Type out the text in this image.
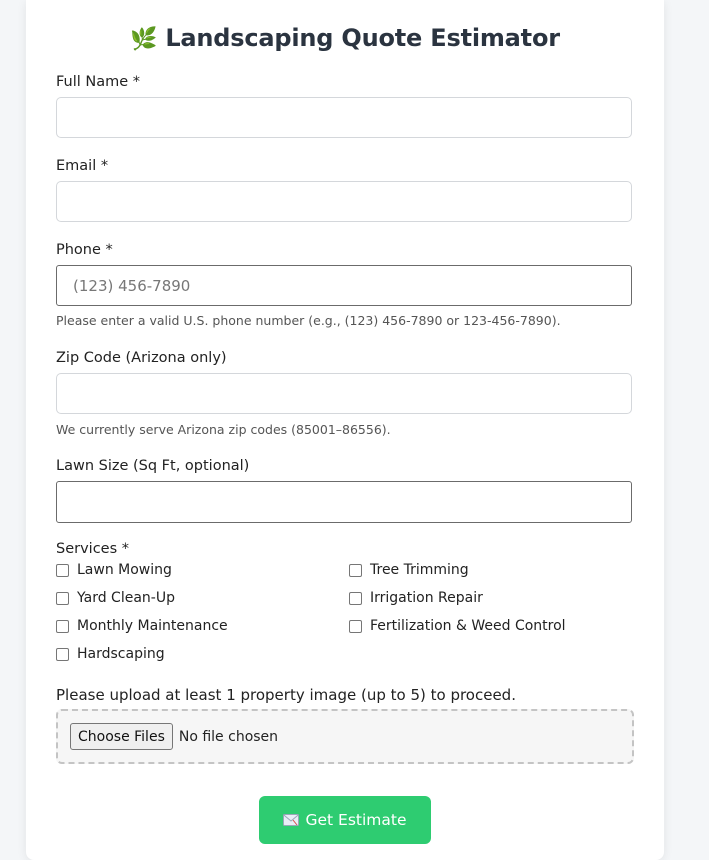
🌿 Landscaping Quote Estimator
Full Name *
Email *
Phone *
(123) 456-7890
Please enter a valid U.S. phone number (e.g., (123) 456-7890 or 123-456-7890).
Zip Code (Arizona only)
We currently serve Arizona zip codes (85001–86556).
Lawn Size (Sq Ft, optional)
Services *
Lawn Mowing	Tree Trimming
Yard Clean-Up	Irrigation Repair
Monthly Maintenance	Fertilization & Weed Control
Hardscaping
Please upload at least 1 property image (up to 5) to proceed.
Choose Files	No file chosen
Get Estimate
